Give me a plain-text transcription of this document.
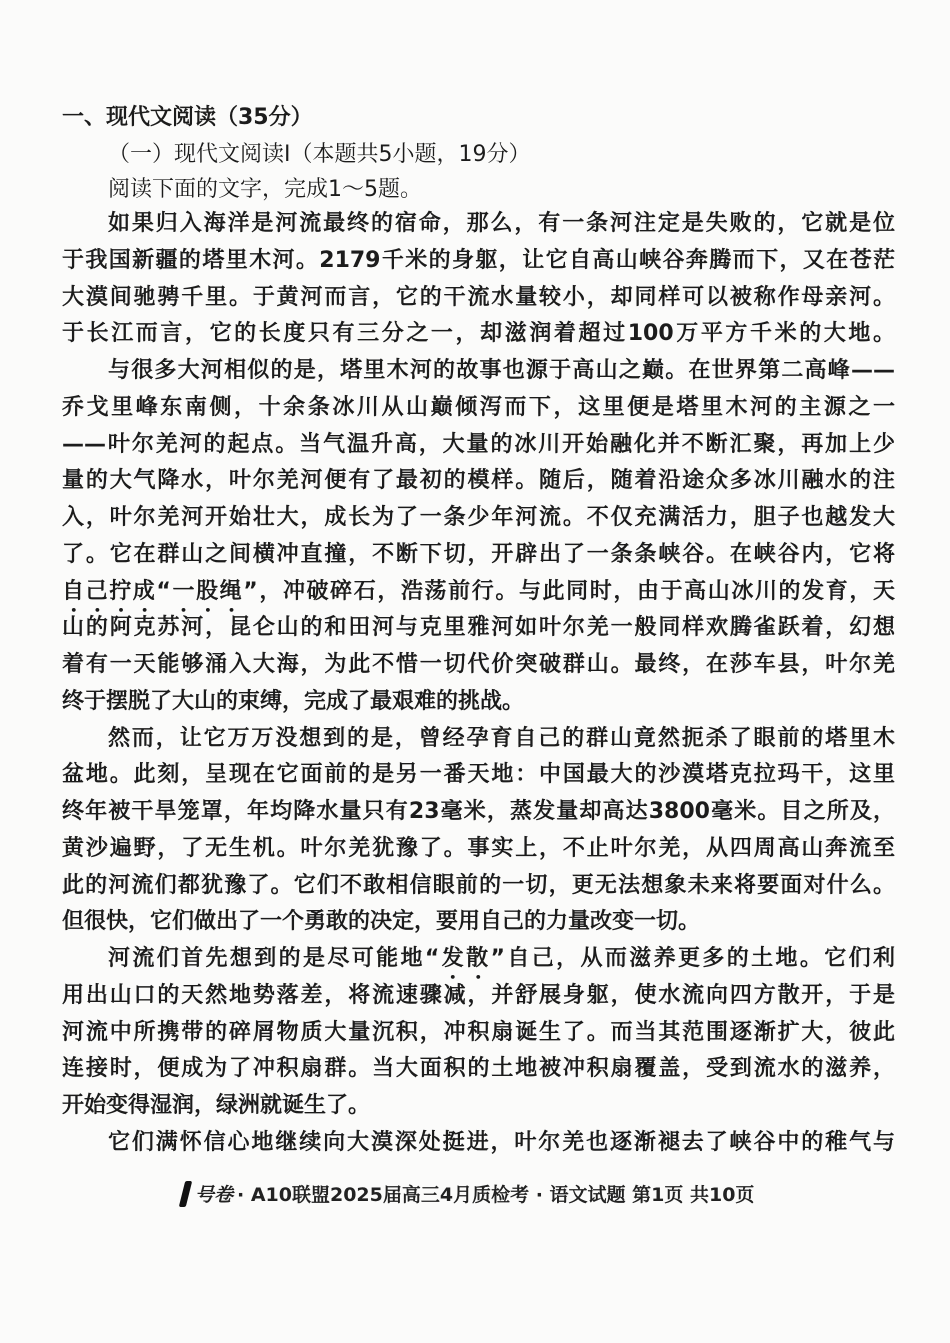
一、现代文阅读（35分）
（一）现代文阅读Ⅰ（本题共5小题，19分）
阅读下面的文字，完成1～5题。
如果归入海洋是河流最终的宿命，那么，有一条河注定是失败的，它就是位
于我国新疆的塔里木河。2179千米的身躯，让它自高山峡谷奔腾而下，又在苍茫
大漠间驰骋千里。于黄河而言，它的干流水量较小，却同样可以被称作母亲河。
于长江而言，它的长度只有三分之一，却滋润着超过100万平方千米的大地。
与很多大河相似的是，塔里木河的故事也源于高山之巅。在世界第二高峰——
乔戈里峰东南侧，十余条冰川从山巅倾泻而下，这里便是塔里木河的主源之一
——叶尔羌河的起点。当气温升高，大量的冰川开始融化并不断汇聚，再加上少
量的大气降水，叶尔羌河便有了最初的模样。随后，随着沿途众多冰川融水的注
入，叶尔羌河开始壮大，成长为了一条少年河流。不仅充满活力，胆子也越发大
了。它在群山之间横冲直撞，不断下切，开辟出了一条条峡谷。在峡谷内，它将
自己拧成“一股绳”，冲破碎石，浩荡前行。与此同时，由于高山冰川的发育，天
山的阿克苏河，昆仑山的和田河与克里雅河如叶尔羌一般同样欢腾雀跃着，幻想
着有一天能够涌入大海，为此不惜一切代价突破群山。最终，在莎车县，叶尔羌
终于摆脱了大山的束缚，完成了最艰难的挑战。
然而，让它万万没想到的是，曾经孕育自己的群山竟然扼杀了眼前的塔里木
盆地。此刻，呈现在它面前的是另一番天地：中国最大的沙漠塔克拉玛干，这里
终年被干旱笼罩，年均降水量只有23毫米，蒸发量却高达3800毫米。目之所及，
黄沙遍野，了无生机。叶尔羌犹豫了。事实上，不止叶尔羌，从四周高山奔流至
此的河流们都犹豫了。它们不敢相信眼前的一切，更无法想象未来将要面对什么。
但很快，它们做出了一个勇敢的决定，要用自己的力量改变一切。
河流们首先想到的是尽可能地“发散”自己，从而滋养更多的土地。它们利
用出山口的天然地势落差，将流速骤减，并舒展身躯，使水流向四方散开，于是
河流中所携带的碎屑物质大量沉积，冲积扇诞生了。而当其范围逐渐扩大，彼此
连接时，便成为了冲积扇群。当大面积的土地被冲积扇覆盖，受到流水的滋养，
开始变得湿润，绿洲就诞生了。
它们满怀信心地继续向大漠深处挺进，叶尔羌也逐渐褪去了峡谷中的稚气与
号卷 · A10联盟2025届高三4月质检考 · 语文试题 第1页 共10页
